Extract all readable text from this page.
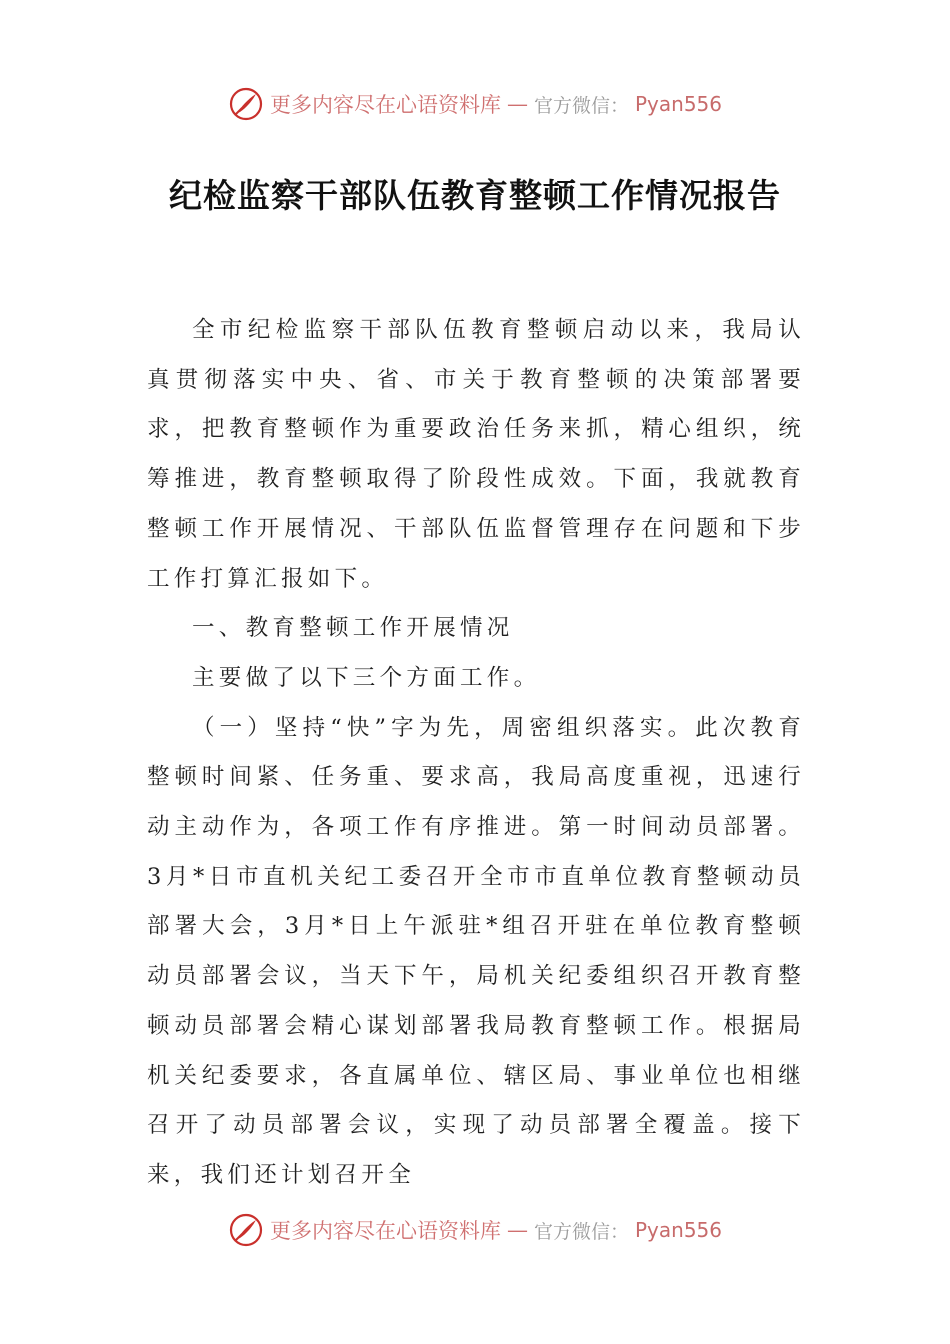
更多内容尽在心语资料库 — 官方微信： Pyan556
纪检监察干部队伍教育整顿工作情况报告

全市纪检监察干部队伍教育整顿启动以来，我局认真贯彻落实中央、省、市关于教育整顿的决策部署要求，把教育整顿作为重要政治任务来抓，精心组织，统筹推进，教育整顿取得了阶段性成效。下面，我就教育整顿工作开展情况、干部队伍监督管理存在问题和下步工作打算汇报如下。

一、教育整顿工作开展情况

主要做了以下三个方面工作。

（一）坚持“快”字为先，周密组织落实。此次教育整顿时间紧、任务重、要求高，我局高度重视，迅速行动主动作为，各项工作有序推进。第一时间动员部署。3月*日市直机关纪工委召开全市市直单位教育整顿动员部署大会，3月*日上午派驻*组召开驻在单位教育整顿动员部署会议，当天下午，局机关纪委组织召开教育整顿动员部署会精心谋划部署我局教育整顿工作。根据局机关纪委要求，各直属单位、辖区局、事业单位也相继召开了动员部署会议，实现了动员部署全覆盖。接下来，我们还计划召开全

更多内容尽在心语资料库 — 官方微信： Pyan556
